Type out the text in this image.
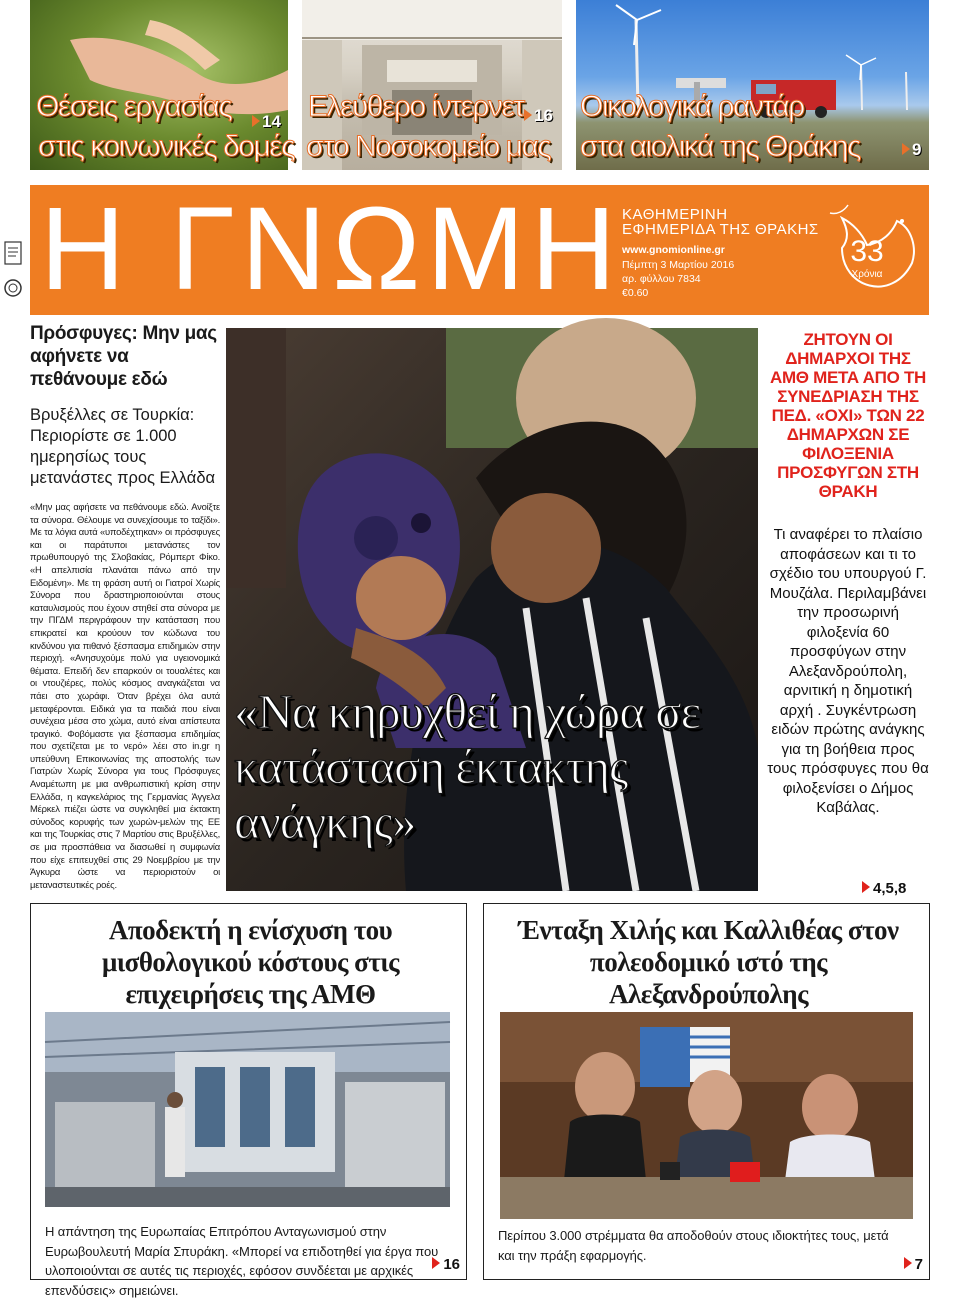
Θέσεις εργασίας	14
στις κοινωνικές δομές
Ελεύθερο ίντερνετ 16
στο Νοσοκομείο μας
Οικολογικά ραντάρ
στα αιολικά της Θράκης	9
Η ΓΝΩΜΗ ΚΑΘΗΜΕΡΙΝΗ
ΕΦΗΜΕΡΙΔΑ ΤΗΣ ΘΡΑΚΗΣ
www.gnomionline.gr
Πέμπτη 3 Μαρτίου 2016
αρ. φύλλου 7834
€0.60
33
Χρόνια
Πρόσφυγες: Μην μας αφήνετε να πεθάνουμε εδώ
Βρυξέλλες σε Τουρκία: Περιορίστε σε 1.000 ημερησίως τους μετανάστες προς Ελλάδα
«Μην μας αφήσετε να πεθάνουμε εδώ. Ανοίξτε τα σύνορα. Θέλουμε να συνεχίσουμε το ταξίδι». Με τα λόγια αυτά «υποδέχτηκαν» οι πρόσφυγες και οι παράτυποι μετανάστες τον πρωθυπουργό της Σλοβακίας, Ρόμπερτ Φίκο. «Η απελπισία πλανάται πάνω από την Ειδομένη». Με τη φράση αυτή οι Γιατροί Χωρίς Σύνορα που δραστηριοποιούνται στους καταυλισμούς που έχουν στηθεί στα σύνορα με την ΠΓΔΜ περιγράφουν την κατάσταση που επικρατεί και κρούουν τον κώδωνα του κινδύνου για πιθανό ξέσπασμα επιδημιών στην περιοχή. «Ανησυχούμε πολύ για υγειονομικά θέματα. Επειδή δεν επαρκούν οι τουαλέτες και οι ντουζιέρες, πολύς κόσμος αναγκάζεται να πάει στο χωράφι. Όταν βρέχει όλα αυτά μεταφέρονται. Ειδικά για τα παιδιά που είναι συνέχεια μέσα στο χώμα, αυτό είναι απίστευτα τραγικό. Φοβόμαστε για ξέσπασμα επιδημίας που σχετίζεται με το νερό» λέει στο in.gr η υπεύθυνη Επικοινωνίας της αποστολής των Γιατρών Χωρίς Σύνορα για τους Πρόσφυγες Αναμέτωπη με μια ανθρωπιστική κρίση στην Ελλάδα, η καγκελάριος της Γερμανίας Άγγελα Μέρκελ πιέζει ώστε να συγκληθεί μια έκτακτη σύνοδος κορυφής των χωρών-μελών της ΕΕ και της Τουρκίας στις 7 Μαρτίου στις Βρυξέλλες, σε μια προσπάθεια να διασωθεί η συμφωνία που είχε επιτευχθεί στις 29 Νοεμβρίου με την Άγκυρα ώστε να περιοριστούν οι μεταναστευτικές ροές.
«Να κηρυχθεί η χώρα σε κατάσταση έκτακτης ανάγκης»
ΖΗΤΟΥΝ ΟΙ ΔΗΜΑΡΧΟΙ ΤΗΣ ΑΜΘ ΜΕΤΑ ΑΠΟ ΤΗ ΣΥΝΕΔΡΙΑΣΗ ΤΗΣ ΠΕΔ. «ΟΧΙ» ΤΩΝ 22 ΔΗΜΑΡΧΩΝ ΣΕ ΦΙΛΟΞΕΝΙΑ ΠΡΟΣΦΥΓΩΝ ΣΤΗ ΘΡΑΚΗ
Τι αναφέρει το πλαίσιο αποφάσεων και τι το σχέδιο του υπουργού Γ. Μουζάλα. Περιλαμβάνει την προσωρινή φιλοξενία 60 προσφύγων στην Αλεξανδρούπολη, αρνιτική η δημοτική αρχή . Συγκέντρωση ειδών πρώτης ανάγκης για τη βοήθεια προς τους πρόσφυγες που θα φιλοξενίσει ο Δήμος Καβάλας.
4,5,8
Αποδεκτή η ενίσχυση του μισθολογικού κόστους στις επιχειρήσεις της ΑΜΘ
Η απάντηση της Ευρωπαίας Επιτρόπου Ανταγωνισμού στην Ευρωβουλευτή Μαρία Σπυράκη. «Μπορεί να επιδοτηθεί για έργα που υλοποιούνται σε αυτές τις περιοχές, εφόσον συνδέεται με αρχικές επενδύσεις» σημειώνει.
16
Ένταξη Χιλής και Καλλιθέας στον πολεοδομικό ιστό της Αλεξανδρούπολης
Περίπου 3.000 στρέμματα θα αποδοθούν στους ιδιοκτήτες τους, μετά και την πράξη εφαρμογής.
7
